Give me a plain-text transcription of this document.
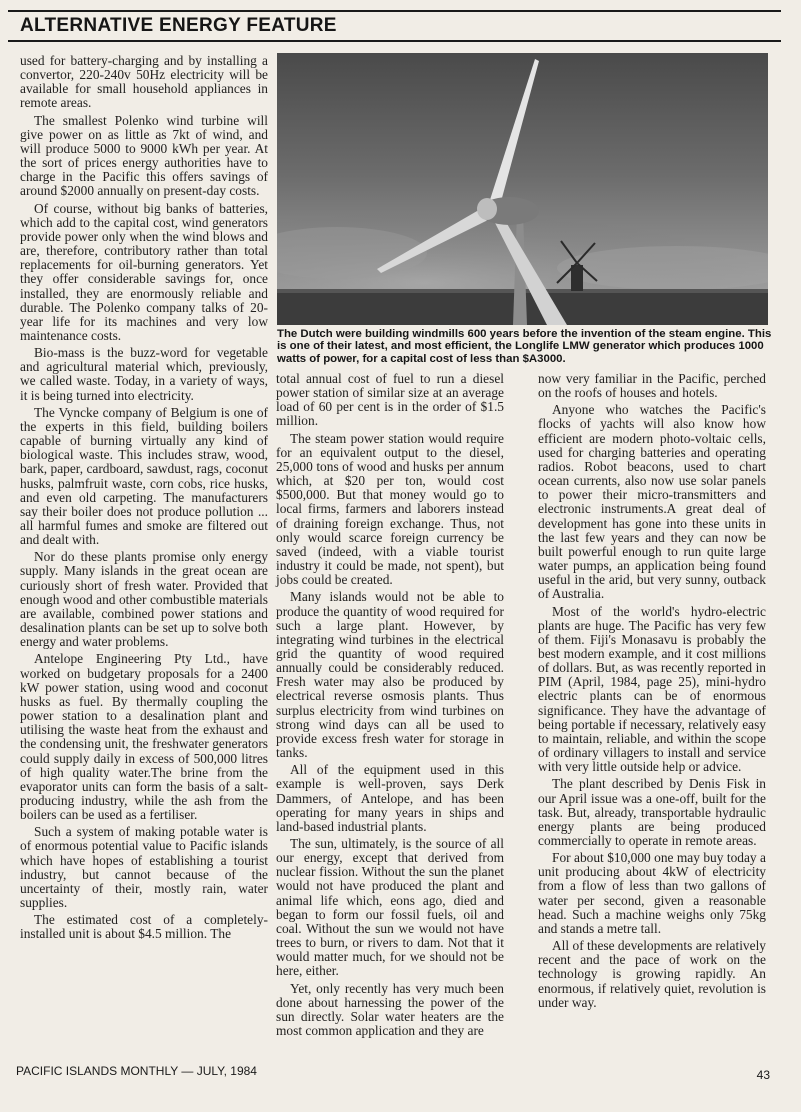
ALTERNATIVE ENERGY FEATURE

used for battery-charging and by installing a convertor, 220-240v 50Hz electricity will be available for small household appliances in remote areas.

The smallest Polenko wind turbine will give power on as little as 7kt of wind, and will produce 5000 to 9000 kWh per year. At the sort of prices energy authorities have to charge in the Pacific this offers savings of around $2000 annually on present-day costs.

Of course, without big banks of batteries, which add to the capital cost, wind generators provide power only when the wind blows and are, therefore, contributory rather than total replacements for oil-burning generators. Yet they offer considerable savings for, once installed, they are enormously reliable and durable. The Polenko company talks of 20-year life for its machines and very low maintenance costs.

Bio-mass is the buzz-word for vegetable and agricultural material which, previously, we called waste. Today, in a variety of ways, it is being turned into electricity.

The Vyncke company of Belgium is one of the experts in this field, building boilers capable of burning virtually any kind of biological waste. This includes straw, wood, bark, paper, cardboard, sawdust, rags, coconut husks, palmfruit waste, corn cobs, rice husks, and even old carpeting. The manufacturers say their boiler does not produce pollution ... all harmful fumes and smoke are filtered out and dealt with.

Nor do these plants promise only energy supply. Many islands in the great ocean are curiously short of fresh water. Provided that enough wood and other combustible materials are available, combined power stations and desalination plants can be set up to solve both energy and water problems.

Antelope Engineering Pty Ltd., have worked on budgetary proposals for a 2400 kW power station, using wood and coconut husks as fuel. By thermally coupling the power station to a desalination plant and utilising the waste heat from the exhaust and the condensing unit, the freshwater generators could supply daily in excess of 500,000 litres of high quality water.The brine from the evaporator units can form the basis of a salt-producing industry, while the ash from the boilers can be used as a fertiliser.

Such a system of making potable water is of enormous potential value to Pacific islands which have hopes of establishing a tourist industry, but cannot because of the uncertainty of their, mostly rain, water supplies.

The estimated cost of a completely-installed unit is about $4.5 million. The

The Dutch were building windmills 600 years before the invention of the steam engine. This is one of their latest, and most efficient, the Longlife LMW generator which produces 1000 watts of power, for a capital cost of less than $A3000.

total annual cost of fuel to run a diesel power station of similar size at an average load of 60 per cent is in the order of $1.5 million.

The steam power station would require for an equivalent output to the diesel, 25,000 tons of wood and husks per annum which, at $20 per ton, would cost $500,000. But that money would go to local firms, farmers and laborers instead of draining foreign exchange. Thus, not only would scarce foreign currency be saved (indeed, with a viable tourist industry it could be made, not spent), but jobs could be created.

Many islands would not be able to produce the quantity of wood required for such a large plant. However, by integrating wind turbines in the electrical grid the quantity of wood required annually could be considerably reduced. Fresh water may also be produced by electrical reverse osmosis plants. Thus surplus electricity from wind turbines on strong wind days can all be used to provide excess fresh water for storage in tanks.

All of the equipment used in this example is well-proven, says Derk Dammers, of Antelope, and has been operating for many years in ships and land-based industrial plants.

The sun, ultimately, is the source of all our energy, except that derived from nuclear fission. Without the sun the planet would not have produced the plant and animal life which, eons ago, died and began to form our fossil fuels, oil and coal. Without the sun we would not have trees to burn, or rivers to dam. Not that it would matter much, for we should not be here, either.

Yet, only recently has very much been done about harnessing the power of the sun directly. Solar water heaters are the most common application and they are

now very familiar in the Pacific, perched on the roofs of houses and hotels.

Anyone who watches the Pacific's flocks of yachts will also know how efficient are modern photo-voltaic cells, used for charging batteries and operating radios. Robot beacons, used to chart ocean currents, also now use solar panels to power their micro-transmitters and electronic instruments.A great deal of development has gone into these units in the last few years and they can now be built powerful enough to run quite large water pumps, an application being found useful in the arid, but very sunny, outback of Australia.

Most of the world's hydro-electric plants are huge. The Pacific has very few of them. Fiji's Monasavu is probably the best modern example, and it cost millions of dollars. But, as was recently reported in PIM (April, 1984, page 25), mini-hydro electric plants can be of enormous significance. They have the advantage of being portable if necessary, relatively easy to maintain, reliable, and within the scope of ordinary villagers to install and service with very little outside help or advice.

The plant described by Denis Fisk in our April issue was a one-off, built for the task. But, already, transportable hydraulic energy plants are being produced commercially to operate in remote areas.

For about $10,000 one may buy today a unit producing about 4kW of electricity from a flow of less than two gallons of water per second, given a reasonable head. Such a machine weighs only 75kg and stands a metre tall.

All of these developments are relatively recent and the pace of work on the technology is growing rapidly. An enormous, if relatively quiet, revolution is under way.

PACIFIC ISLANDS MONTHLY — JULY, 1984	43
